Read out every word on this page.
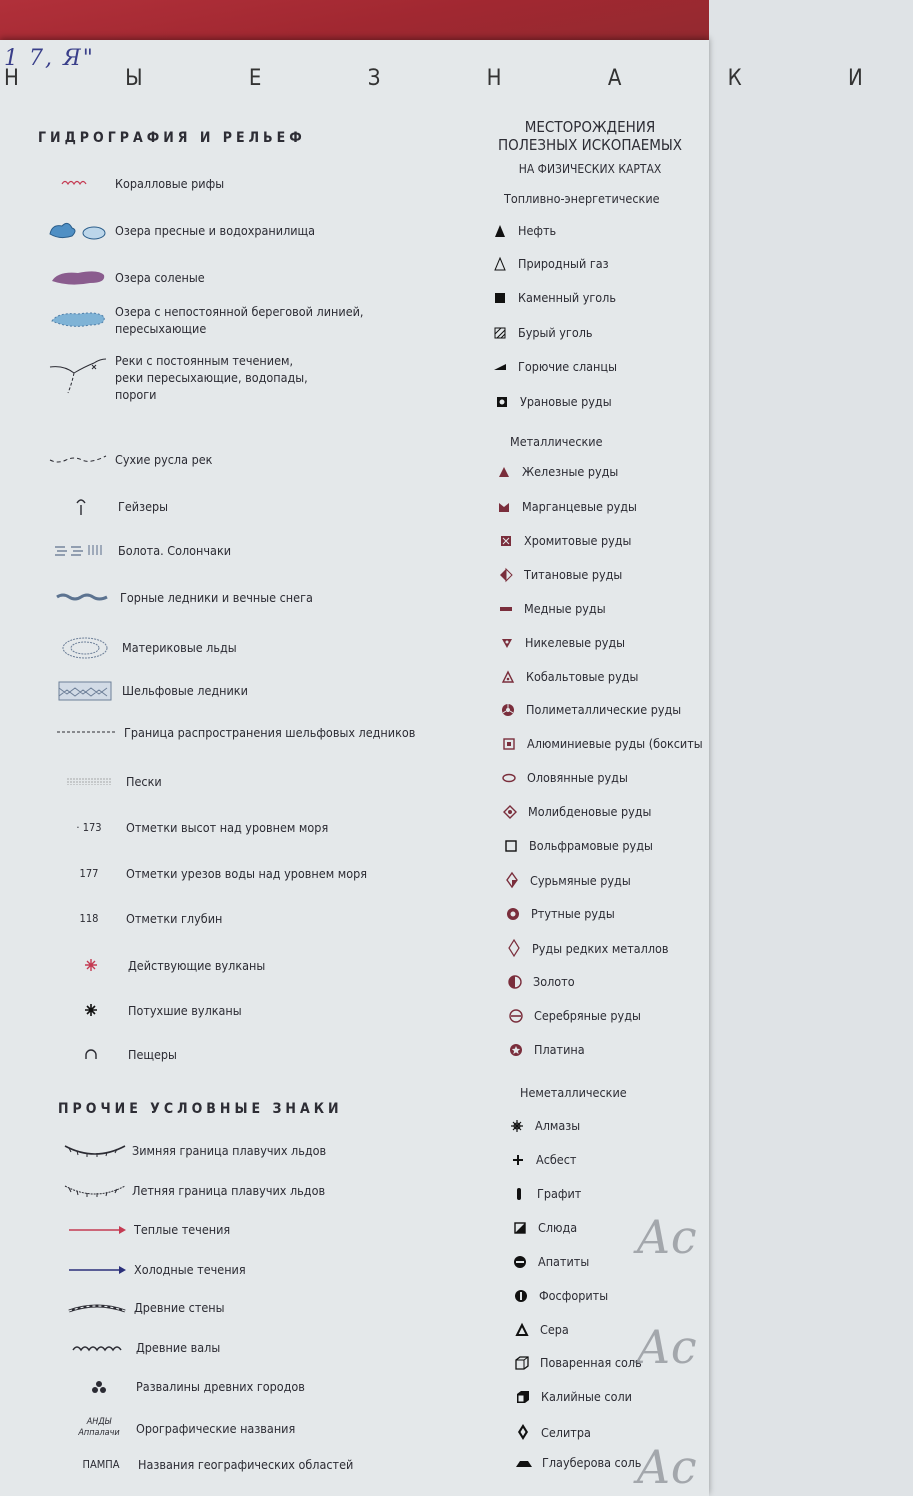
1 7, Я"
Н Ы Е З Н А К И
ГИДРОГРАФИЯ И РЕЛЬЕФ
Коралловые рифы
Озера пресные и водохранилища
Озера соленые
Озера с непостоянной береговой линией,
пересыхающие
Реки с постоянным течением,
реки пересыхающие, водопады,
пороги
Сухие русла рек
Гейзеры
Болота. Солончаки
Горные ледники и вечные снега
Материковые льды
Шельфовые ледники
Граница распространения шельфовых ледников
Пески
· 173 Отметки высот над уровнем моря
177 Отметки урезов воды над уровнем моря
118 Отметки глубин
Действующие вулканы
Потухшие вулканы
Пещеры
ПРОЧИЕ УСЛОВНЫЕ ЗНАКИ
Зимняя граница плавучих льдов
Летняя граница плавучих льдов
Теплые течения
Холодные течения
Древние стены
Древние валы
Развалины древних городов
АНДЫ
Аппалачи Орографические названия
ПАМПА Названия географических областей
МЕСТОРОЖДЕНИЯ
ПОЛЕЗНЫХ ИСКОПАЕМЫХ
НА ФИЗИЧЕСКИХ КАРТАХ
Топливно-энергетические
Нефть
Природный газ
Каменный уголь
Бурый уголь
Горючие сланцы
Урановые руды
Металлические
Железные руды
Марганцевые руды
Хромитовые руды
Титановые руды
Медные руды
Никелевые руды
Кобальтовые руды
Полиметаллические руды
Алюминиевые руды (бокситы
Оловянные руды
Молибденовые руды
Вольфрамовые руды
Сурьмяные руды
Ртутные руды
Руды редких металлов
Золото
Серебряные руды
Платина
Неметаллические
Алмазы
Асбест
Графит
Слюда
Апатиты
Фосфориты
Сера
Поваренная соль
Калийные соли
Селитра
Глауберова соль
Ас
Ас
Ас
